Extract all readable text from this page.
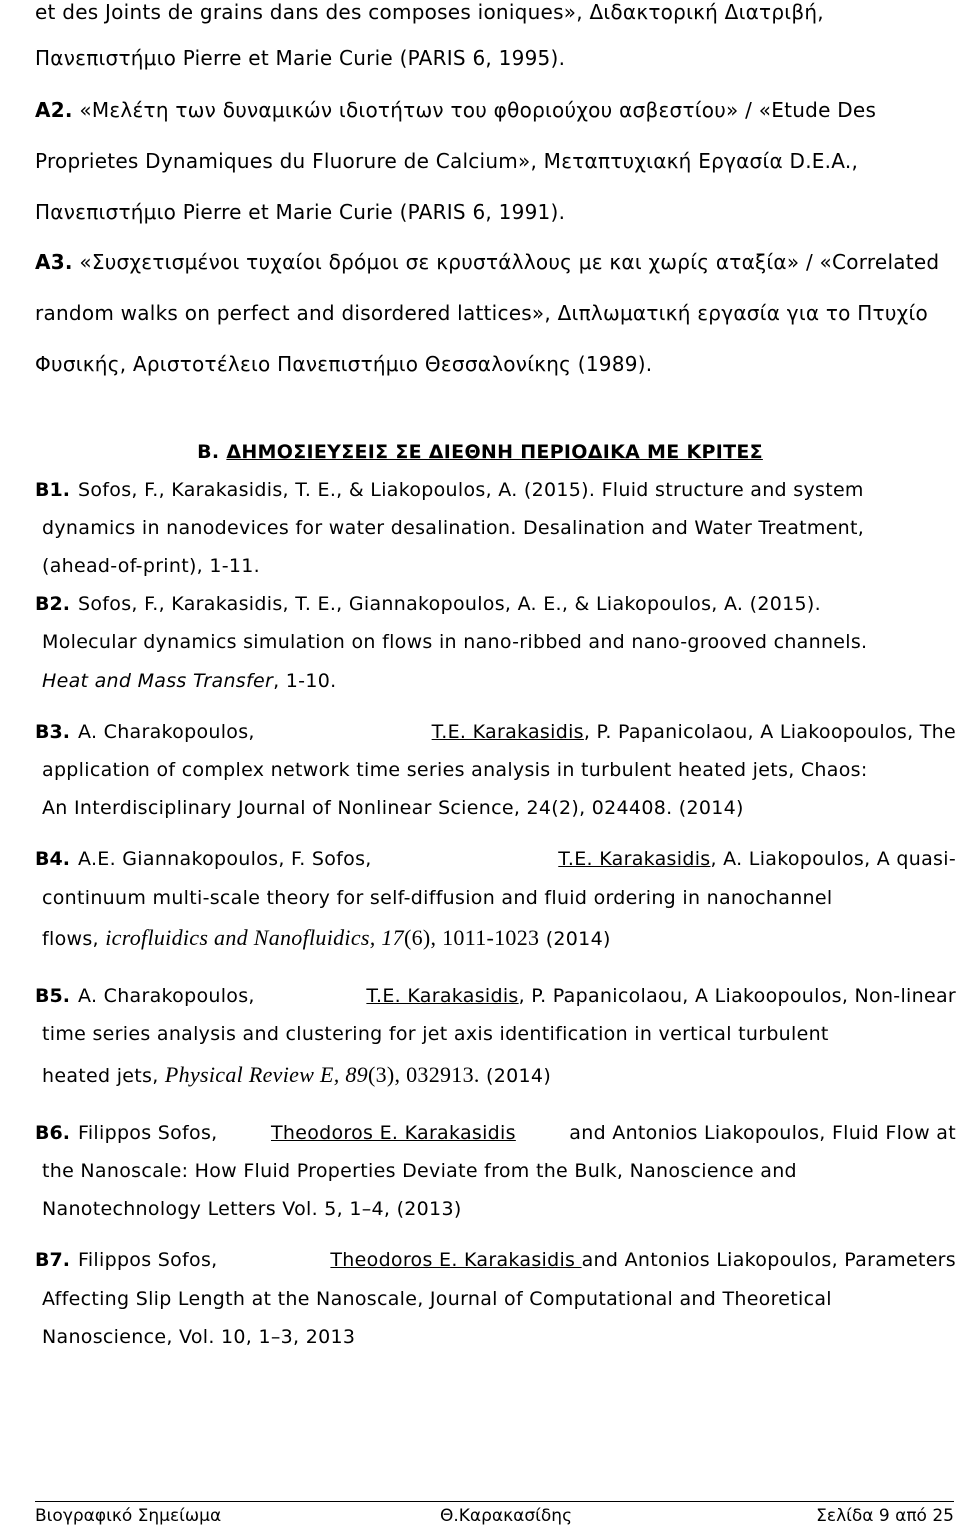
et des Joints de grains dans des composes ioniques», Διδακτορική Διατριβή,
Πανεπιστήμιο Pierre et Marie Curie (PARIS 6, 1995).
A2. «Μελέτη των δυναμικών ιδιοτήτων του φθοριούχου ασβεστίου» / «Etude Des
Proprietes Dynamiques du Fluorure de Calcium», Μεταπτυχιακή Εργασία D.E.A.,
Πανεπιστήμιο Pierre et Marie Curie (PARIS 6, 1991).
A3. «Συσχετισμένοι τυχαίοι δρόμοι σε κρυστάλλους με και χωρίς αταξία» / «Correlated
random walks on perfect and disordered lattices», Διπλωματική εργασία για το Πτυχίο
Φυσικής, Αριστοτέλειο Πανεπιστήμιο Θεσσαλονίκης (1989).
B. ΔΗΜΟΣΙΕΥΣΕΙΣ ΣΕ ΔΙΕΘΝΗ ΠΕΡΙΟΔΙΚΑ ΜΕ ΚΡΙΤΕΣ
B1. Sofos, F., Karakasidis, T. E., & Liakopoulos, A. (2015). Fluid structure and system
dynamics in nanodevices for water desalination. Desalination and Water Treatment,
(ahead-of-print), 1-11.
B2. Sofos, F., Karakasidis, T. E., Giannakopoulos, A. E., & Liakopoulos, A. (2015).
Molecular dynamics simulation on flows in nano-ribbed and nano-grooved channels.
Heat and Mass Transfer, 1-10.
B3. A. Charakopoulos,	T.E. Karakasidis, P. Papanicolaou, A Liakoopoulos, The
application of complex network time series analysis in turbulent heated jets, Chaos:
An Interdisciplinary Journal of Nonlinear Science, 24(2), 024408. (2014)
B4. A.E. Giannakopoulos, F. Sofos,	T.E. Karakasidis, A. Liakopoulos, A quasi-
continuum multi-scale theory for self-diffusion and fluid ordering in nanochannel
flows, icrofluidics and Nanofluidics, 17(6), 1011-1023 (2014)
B5. A. Charakopoulos,	T.E. Karakasidis, P. Papanicolaou, A Liakoopoulos, Non-linear
time series analysis and clustering for jet axis identification in vertical turbulent
heated jets, Physical Review E, 89(3), 032913. (2014)
B6. Filippos Sofos,	Theodoros E. Karakasidis	and Antonios Liakopoulos, Fluid Flow at
the Nanoscale: How Fluid Properties Deviate from the Bulk, Nanoscience and
Nanotechnology Letters Vol. 5, 1–4, (2013)
B7. Filippos Sofos,	Theodoros E. Karakasidis and Antonios Liakopoulos, Parameters
Affecting Slip Length at the Nanoscale, Journal of Computational and Theoretical
Nanoscience, Vol. 10, 1–3, 2013
Βιογραφικό Σημείωμα	Θ.Καρακασίδης	Σελίδα 9 από 25
